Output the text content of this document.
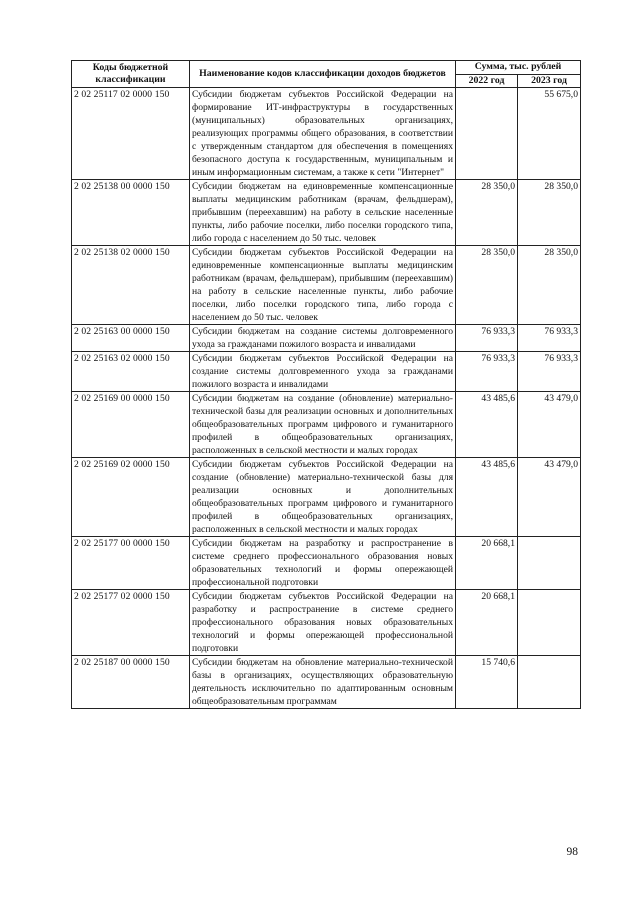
Коды бюджетной классификации	Наименование кодов классификации доходов бюджетов	Сумма, тыс. рублей	
		2022 год	2023 год
2 02 25117 02 0000 150	Субсидии бюджетам субъектов Российской Федерации на формирование ИТ-инфраструктуры в государственных (муниципальных) образовательных организациях, реализующих программы общего образования, в соответствии с утвержденным стандартом для обеспечения в помещениях безопасного доступа к государственным, муниципальным и иным информационным системам, а также к сети "Интернет"		55 675,0
2 02 25138 00 0000 150	Субсидии бюджетам на единовременные компенсационные выплаты медицинским работникам (врачам, фельдшерам), прибывшим (переехавшим) на работу в сельские населенные пункты, либо рабочие поселки, либо поселки городского типа, либо города с населением до 50 тыс. человек	28 350,0	28 350,0
2 02 25138 02 0000 150	Субсидии бюджетам субъектов Российской Федерации на единовременные компенсационные выплаты медицинским работникам (врачам, фельдшерам), прибывшим (переехавшим) на работу в сельские населенные пункты, либо рабочие поселки, либо поселки городского типа, либо города с населением до 50 тыс. человек	28 350,0	28 350,0
2 02 25163 00 0000 150	Субсидии бюджетам на создание системы долговременного ухода за гражданами пожилого возраста и инвалидами	76 933,3	76 933,3
2 02 25163 02 0000 150	Субсидии бюджетам субъектов Российской Федерации на создание системы долговременного ухода за гражданами пожилого возраста и инвалидами	76 933,3	76 933,3
2 02 25169 00 0000 150	Субсидии бюджетам на создание (обновление) материально-технической базы для реализации основных и дополнительных общеобразовательных программ цифрового и гуманитарного профилей в общеобразовательных организациях, расположенных в сельской местности и малых городах	43 485,6	43 479,0
2 02 25169 02 0000 150	Субсидии бюджетам субъектов Российской Федерации на создание (обновление) материально-технической базы для реализации основных и дополнительных общеобразовательных программ цифрового и гуманитарного профилей в общеобразовательных организациях, расположенных в сельской местности и малых городах	43 485,6	43 479,0
2 02 25177 00 0000 150	Субсидии бюджетам на разработку и распространение в системе среднего профессионального образования новых образовательных технологий и формы опережающей профессиональной подготовки	20 668,1	
2 02 25177 02 0000 150	Субсидии бюджетам субъектов Российской Федерации на разработку и распространение в системе среднего профессионального образования новых образовательных технологий и формы опережающей профессиональной подготовки	20 668,1	
2 02 25187 00 0000 150	Субсидии бюджетам на обновление материально-технической базы в организациях, осуществляющих образовательную деятельность исключительно по адаптированным основным общеобразовательным программам	15 740,6	
98
